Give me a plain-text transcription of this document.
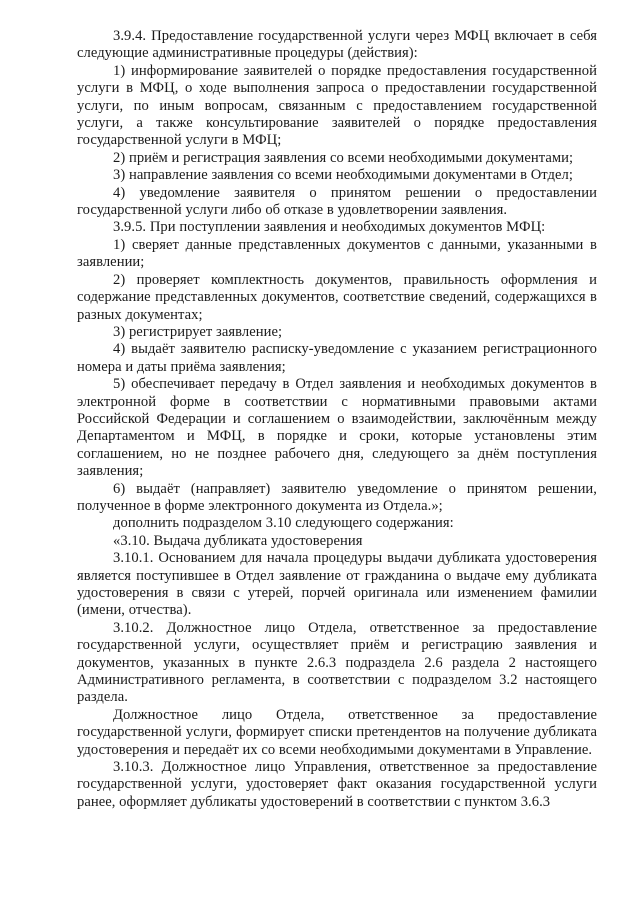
3.9.4. Предоставление государственной услуги через МФЦ включает в себя следующие административные процедуры (действия):

1) информирование заявителей о порядке предоставления государственной услуги в МФЦ, о ходе выполнения запроса о предоставлении государственной услуги, по иным вопросам, связанным с предоставлением государственной услуги, а также консультирование заявителей о порядке предоставления государственной услуги в МФЦ;

2) приём и регистрация заявления со всеми необходимыми документами;

3) направление заявления со всеми необходимыми документами в Отдел;

4) уведомление заявителя о принятом решении о предоставлении государственной услуги либо об отказе в удовлетворении заявления.

3.9.5. При поступлении заявления и необходимых документов МФЦ:

1) сверяет данные представленных документов с данными, указанными в заявлении;

2) проверяет комплектность документов, правильность оформления и содержание представленных документов, соответствие сведений, содержащихся в разных документах;

3) регистрирует заявление;

4) выдаёт заявителю расписку-уведомление с указанием регистрационного номера и даты приёма заявления;

5) обеспечивает передачу в Отдел заявления и необходимых документов в электронной форме в соответствии с нормативными правовыми актами Российской Федерации и соглашением о взаимодействии, заключённым между Департаментом и МФЦ, в порядке и сроки, которые установлены этим соглашением, но не позднее рабочего дня, следующего за днём поступления заявления;

6) выдаёт (направляет) заявителю уведомление о принятом решении, полученное в форме электронного документа из Отдела.»;

дополнить подразделом 3.10 следующего содержания:

«3.10. Выдача дубликата удостоверения

3.10.1. Основанием для начала процедуры выдачи дубликата удостоверения является поступившее в Отдел заявление от гражданина о выдаче ему дубликата удостоверения в связи с утерей, порчей оригинала или изменением фамилии (имени, отчества).

3.10.2. Должностное лицо Отдела, ответственное за предоставление государственной услуги, осуществляет приём и регистрацию заявления и документов, указанных в пункте 2.6.3 подраздела 2.6 раздела 2 настоящего Административного регламента, в соответствии с подразделом 3.2 настоящего раздела.

Должностное лицо Отдела, ответственное за предоставление государственной услуги, формирует списки претендентов на получение дубликата удостоверения и передаёт их со всеми необходимыми документами в Управление.

3.10.3. Должностное лицо Управления, ответственное за предоставление государственной услуги, удостоверяет факт оказания государственной услуги ранее, оформляет дубликаты удостоверений в соответствии с пунктом 3.6.3
